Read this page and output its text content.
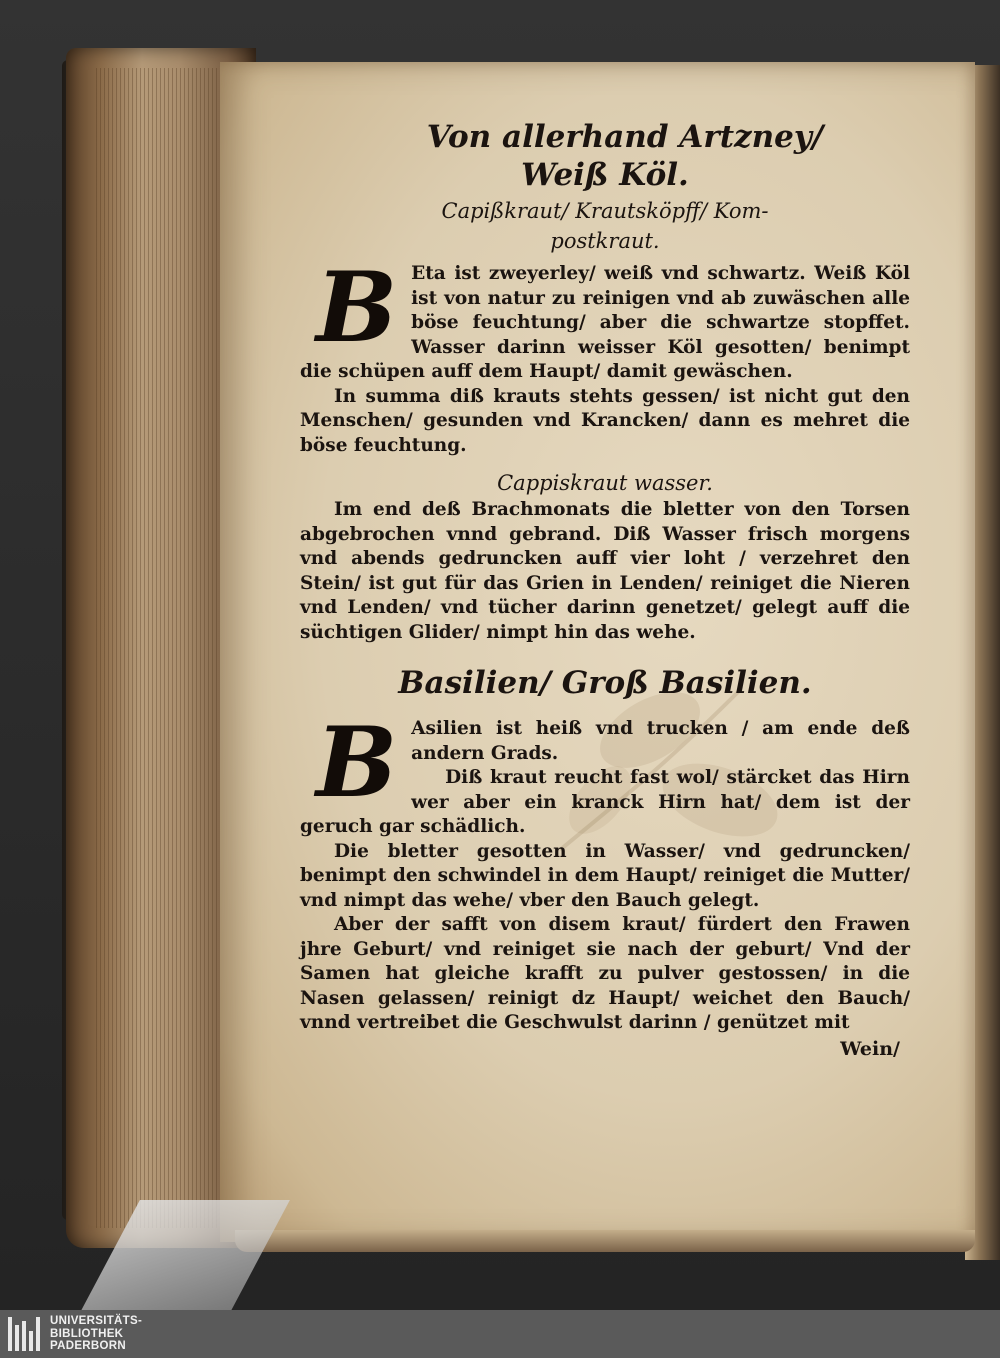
Von allerhand Artzney/

Weiß Köl.

Capißkraut/ Krautsköpff/ Kom-

postkraut.

B Eta ist zweyerley/ weiß vnd schwartz. Weiß Köl ist von natur zu reinigen vnd ab zuwäschen alle böse feuchtung/ aber die schwartze stopffet. Wasser darinn weisser Köl gesotten/ benimpt die schüpen auff dem Haupt/ damit gewäschen.

In summa diß krauts stehts gessen/ ist nicht gut den Menschen/ gesunden vnd Krancken/ dann es mehret die böse feuchtung.

Cappiskraut wasser.

Im end deß Brachmonats die bletter von den Torsen abgebrochen vnnd gebrand. Diß Wasser frisch morgens vnd abends gedruncken auff vier loht / verzehret den Stein/ ist gut für das Grien in Lenden/ reiniget die Nieren vnd Lenden/ vnd tücher darinn genetzet/ gelegt auff die süchtigen Glider/ nimpt hin das wehe.

Basilien/ Groß Basilien.

B Asilien ist heiß vnd trucken / am ende deß andern Grads.

Diß kraut reucht fast wol/ stärcket das Hirn wer aber ein kranck Hirn hat/ dem ist der geruch gar schädlich.

Die bletter gesotten in Wasser/ vnd gedruncken/ benimpt den schwindel in dem Haupt/ reiniget die Mutter/ vnd nimpt das wehe/ vber den Bauch gelegt.

Aber der safft von disem kraut/ fürdert den Frawen jhre Geburt/ vnd reiniget sie nach der geburt/ Vnd der Samen hat gleiche krafft zu pulver gestossen/ in die Nasen gelassen/ reinigt dz Haupt/ weichet den Bauch/ vnnd vertreibet die Geschwulst darinn / genützet mit

Wein/

UNIVERSITÄTS-
BIBLIOTHEK
PADERBORN
